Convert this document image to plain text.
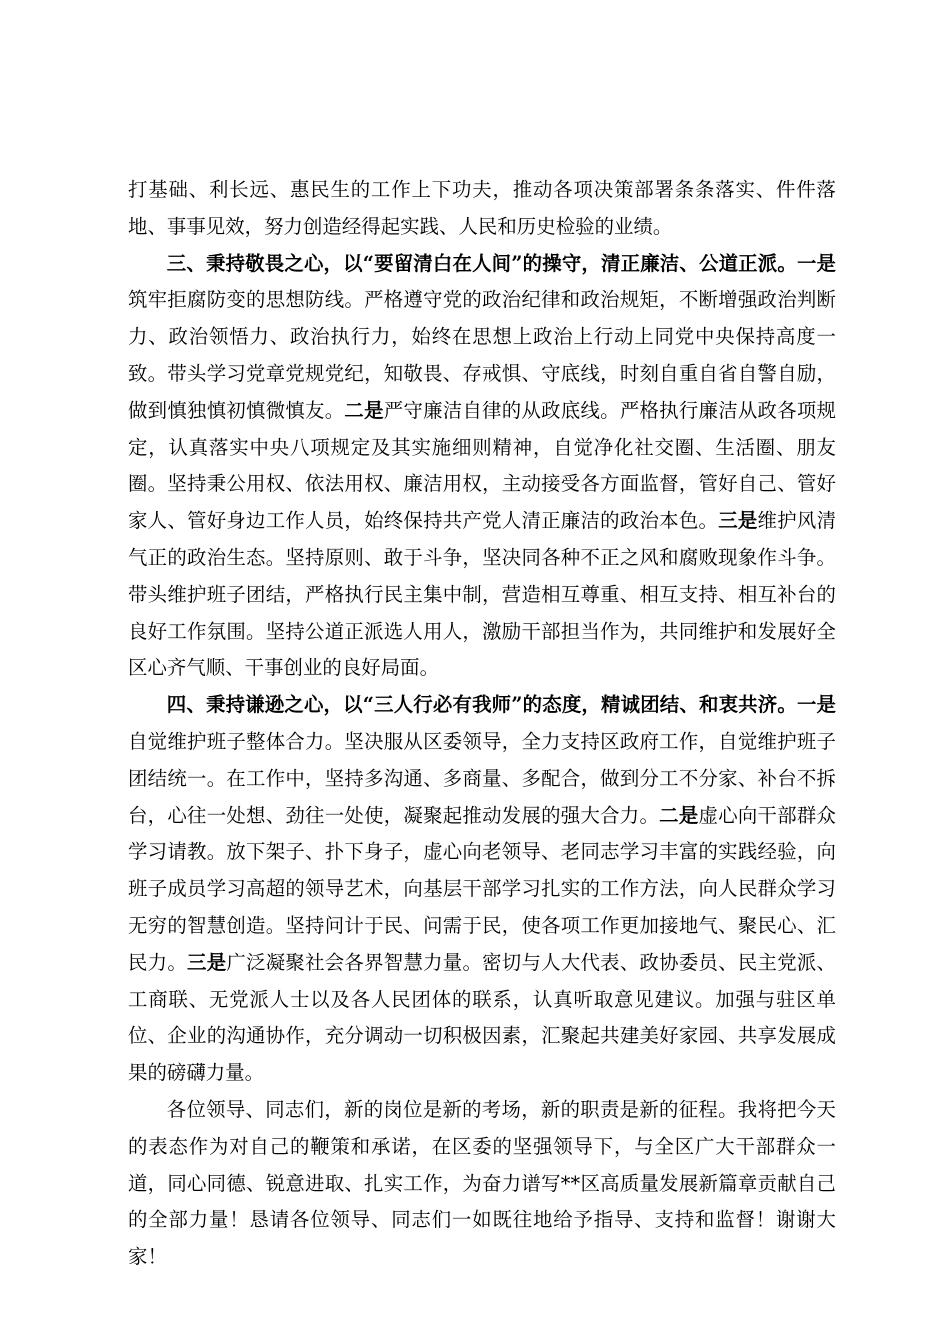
打基础、利长远、惠民生的工作上下功夫，推动各项决策部署条条落实、件件落地、事事见效，努力创造经得起实践、人民和历史检验的业绩。

三、秉持敬畏之心，以“要留清白在人间”的操守，清正廉洁、公道正派。一是筑牢拒腐防变的思想防线。严格遵守党的政治纪律和政治规矩，不断增强政治判断力、政治领悟力、政治执行力，始终在思想上政治上行动上同党中央保持高度一致。带头学习党章党规党纪，知敬畏、存戒惧、守底线，时刻自重自省自警自励，做到慎独慎初慎微慎友。二是严守廉洁自律的从政底线。严格执行廉洁从政各项规定，认真落实中央八项规定及其实施细则精神，自觉净化社交圈、生活圈、朋友圈。坚持秉公用权、依法用权、廉洁用权，主动接受各方面监督，管好自己、管好家人、管好身边工作人员，始终保持共产党人清正廉洁的政治本色。三是维护风清气正的政治生态。坚持原则、敢于斗争，坚决同各种不正之风和腐败现象作斗争。带头维护班子团结，严格执行民主集中制，营造相互尊重、相互支持、相互补台的良好工作氛围。坚持公道正派选人用人，激励干部担当作为，共同维护和发展好全区心齐气顺、干事创业的良好局面。

四、秉持谦逊之心，以“三人行必有我师”的态度，精诚团结、和衷共济。一是自觉维护班子整体合力。坚决服从区委领导，全力支持区政府工作，自觉维护班子团结统一。在工作中，坚持多沟通、多商量、多配合，做到分工不分家、补台不拆台，心往一处想、劲往一处使，凝聚起推动发展的强大合力。二是虚心向干部群众学习请教。放下架子、扑下身子，虚心向老领导、老同志学习丰富的实践经验，向班子成员学习高超的领导艺术，向基层干部学习扎实的工作方法，向人民群众学习无穷的智慧创造。坚持问计于民、问需于民，使各项工作更加接地气、聚民心、汇民力。三是广泛凝聚社会各界智慧力量。密切与人大代表、政协委员、民主党派、工商联、无党派人士以及各人民团体的联系，认真听取意见建议。加强与驻区单位、企业的沟通协作，充分调动一切积极因素，汇聚起共建美好家园、共享发展成果的磅礴力量。

各位领导、同志们，新的岗位是新的考场，新的职责是新的征程。我将把今天的表态作为对自己的鞭策和承诺，在区委的坚强领导下，与全区广大干部群众一道，同心同德、锐意进取、扎实工作，为奋力谱写**区高质量发展新篇章贡献自己的全部力量！恳请各位领导、同志们一如既往地给予指导、支持和监督！谢谢大家！
